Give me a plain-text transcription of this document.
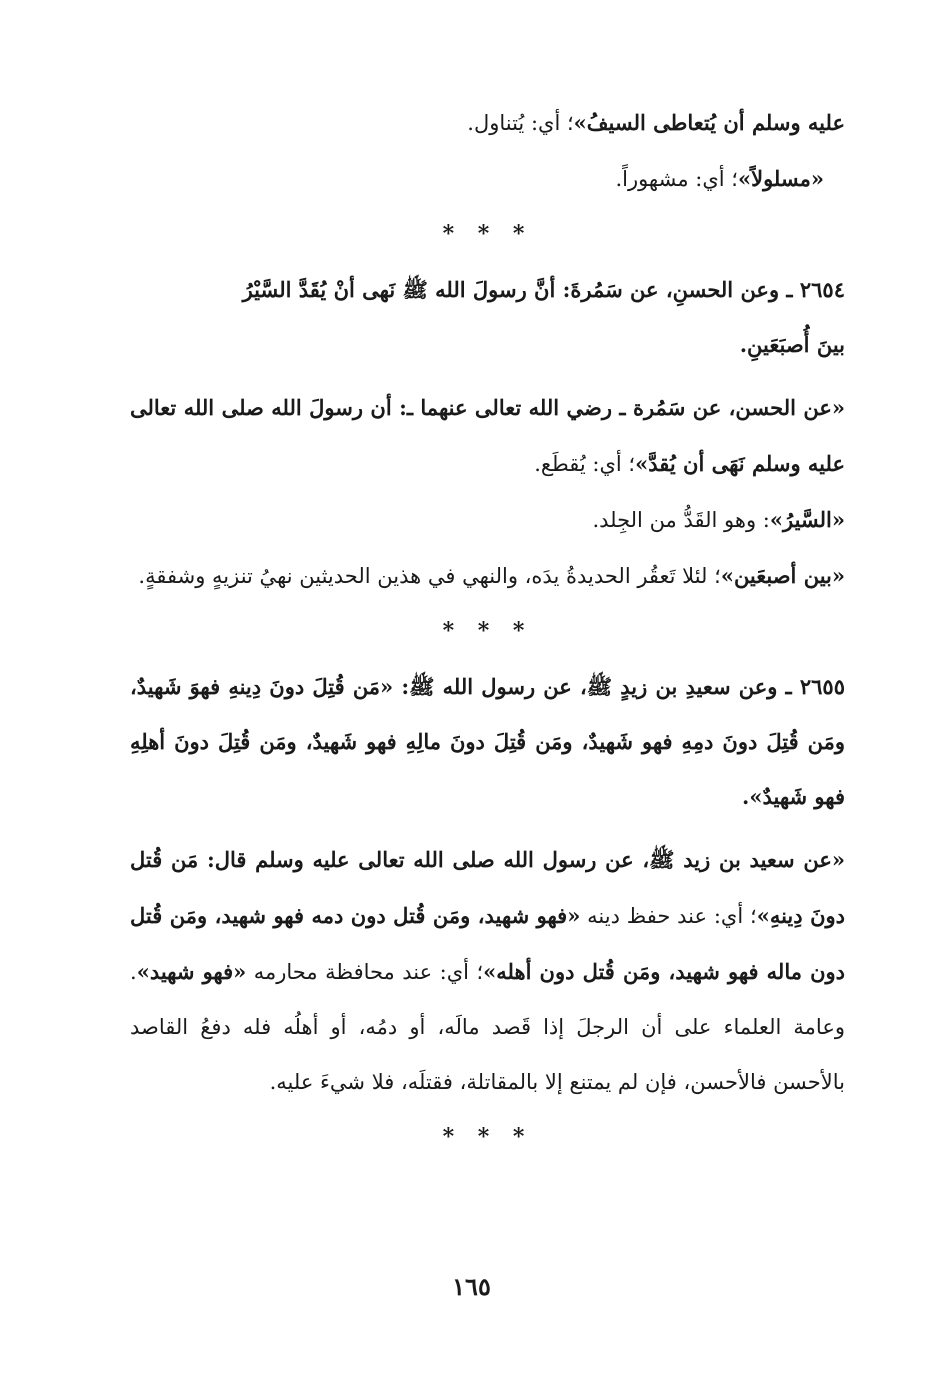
عليه وسلم أن يُتعاطى السيفُ»؛ أي: يُتناول.

 «مسلولاً»؛ أي: مشهوراً.

* * *
٢٦٥٤ ـ وعن الحسنِ، عن سَمُرةَ: أنَّ رسولَ الله ﷺ نَهى أنْ يُقَدَّ السَّيْرُ
بينَ أُصبَعَينِ.

«عن الحسن، عن سَمُرة ـ رضي الله تعالى عنهما ـ: أن رسولَ الله صلى الله تعالى عليه وسلم نَهَى أن يُقدَّ»؛ أي: يُقطَع.

«السَّيرُ»: وهو القَدُّ من الجِلد.

«بين أصبعَين»؛ لئلا تَعقُر الحديدةُ يدَه، والنهي في هذين الحديثين نهيُ تنزيهٍ وشفقةٍ.

* * *

٢٦٥٥ ـ وعن سعيدِ بن زيدٍ ﷺ، عن رسول الله ﷺ: «مَن قُتِلَ دونَ دِينهِ فهوَ شَهيدٌ، ومَن قُتِلَ دونَ دمِهِ فهو شَهيدٌ، ومَن قُتِلَ دونَ مالِهِ فهو شَهيدٌ، ومَن قُتِلَ دونَ أهلِهِ فهو شَهيدٌ».

«عن سعيد بن زيد ﷺ، عن رسول الله صلى الله تعالى عليه وسلم قال: مَن قُتل دونَ دِينهِ»؛ أي: عند حفظ دينه «فهو شهيد، ومَن قُتل دون دمه فهو شهيد، ومَن قُتل دون ماله فهو شهيد، ومَن قُتل دون أهله»؛ أي: عند محافظة محارمه «فهو شهيد». وعامة العلماء على أن الرجلَ إذا قَصد مالَه، أو دمُه، أو أهلُه فله دفعُ القاصد بالأحسن فالأحسن، فإن لم يمتنع إلا بالمقاتلة، فقتلَه، فلا شيءَ عليه.

* * *
١٦٥
